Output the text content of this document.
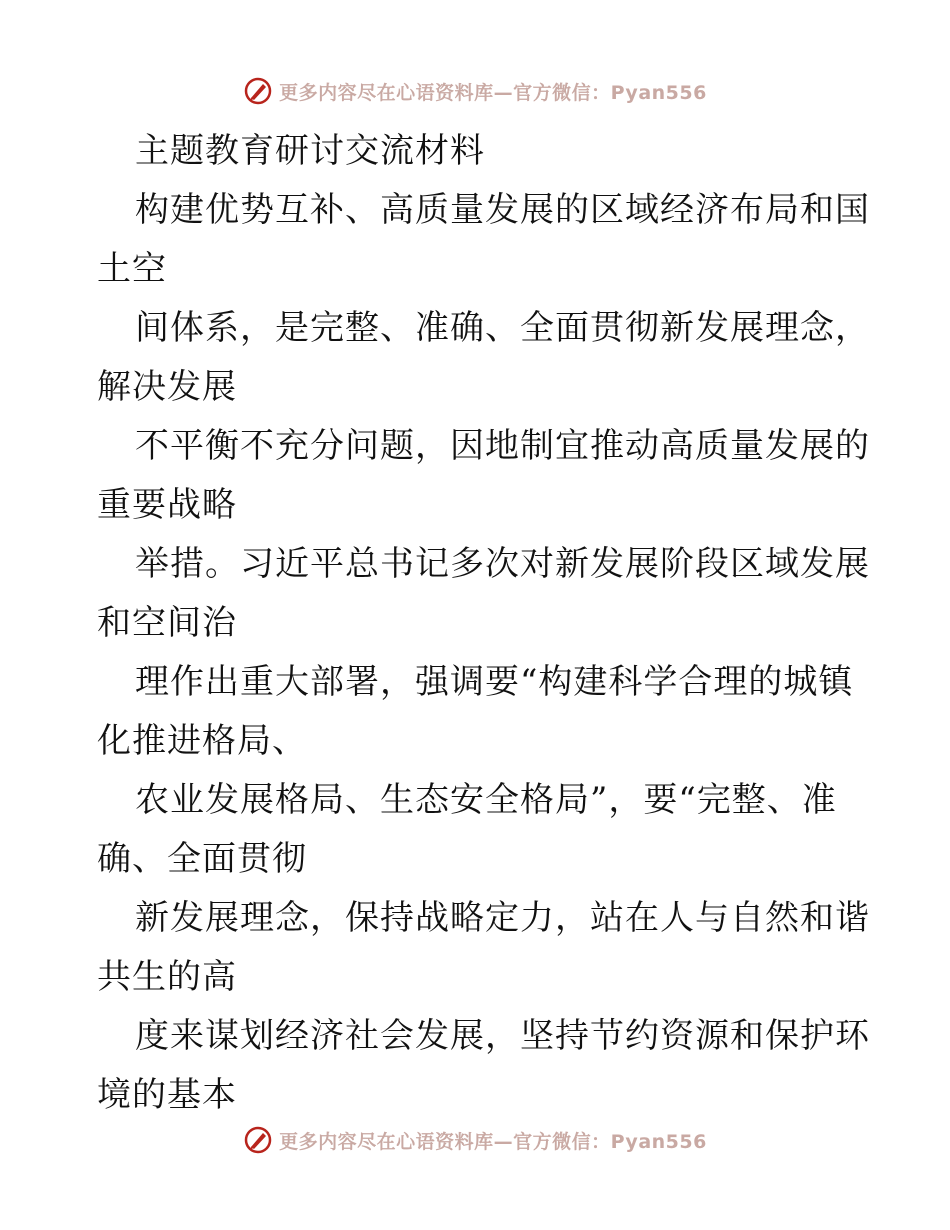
更多内容尽在心语资料库—官方微信：Pyan556
主题教育研讨交流材料
构建优势互补、高质量发展的区域经济布局和国
土空
间体系，是完整、准确、全面贯彻新发展理念，
解决发展
不平衡不充分问题，因地制宜推动高质量发展的
重要战略
举措。习近平总书记多次对新发展阶段区域发展
和空间治
理作出重大部署，强调要“构建科学合理的城镇
化推进格局、
农业发展格局、生态安全格局”，要“完整、准
确、全面贯彻
新发展理念，保持战略定力，站在人与自然和谐
共生的高
度来谋划经济社会发展，坚持节约资源和保护环
境的基本
更多内容尽在心语资料库—官方微信：Pyan556
